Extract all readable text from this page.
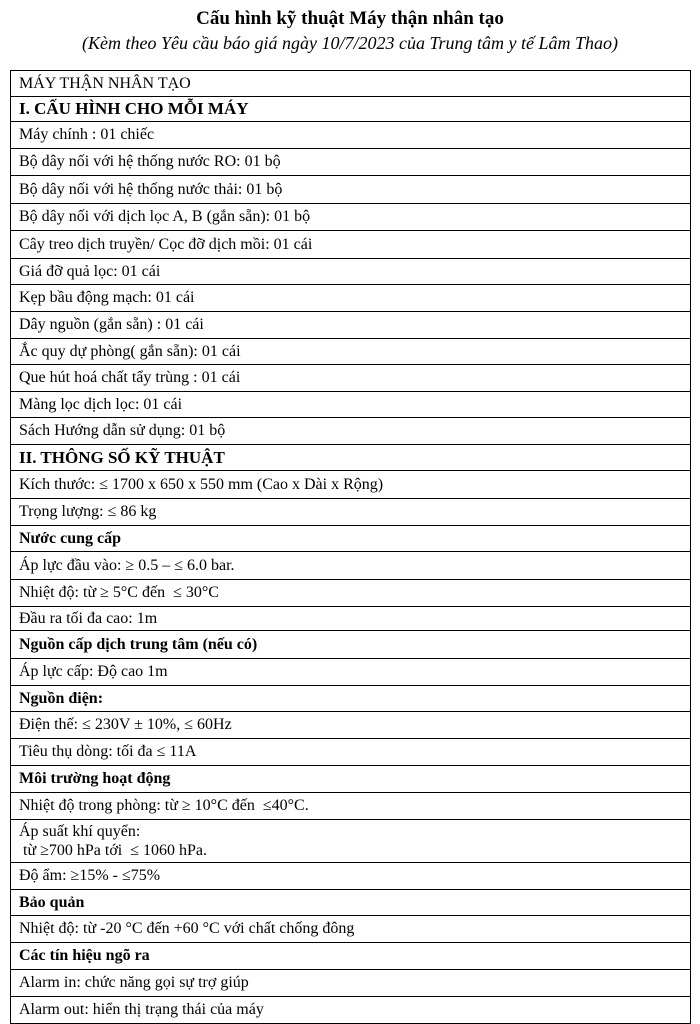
Cấu hình kỹ thuật Máy thận nhân tạo
(Kèm theo Yêu cầu báo giá ngày 10/7/2023 của Trung tâm y tế Lâm Thao)
MÁY THẬN NHÂN TẠO
I. CẤU HÌNH CHO MỖI MÁY
Máy chính : 01 chiếc
Bộ dây nối với hệ thống nước RO: 01 bộ
Bộ dây nối với hệ thống nước thải: 01 bộ
Bộ dây nối với dịch lọc A, B (gắn sẵn): 01 bộ
Cây treo dịch truyền/ Cọc đỡ dịch mồi: 01 cái
Giá đỡ quả lọc: 01 cái
Kẹp bầu động mạch: 01 cái
Dây nguồn (gắn sẵn) : 01 cái
Ắc quy dự phòng( gắn sẵn): 01 cái
Que hút hoá chất tẩy trùng : 01 cái
Màng lọc dịch lọc: 01 cái
Sách Hướng dẫn sử dụng: 01 bộ
II. THÔNG SỐ KỸ THUẬT
Kích thước: ≤ 1700 x 650 x 550 mm (Cao x Dài x Rộng)
Trọng lượng: ≤ 86 kg
Nước cung cấp
Áp lực đầu vào: ≥ 0.5 – ≤ 6.0 bar.
Nhiệt độ: từ ≥ 5°C đến  ≤ 30°C
Đầu ra tối đa cao: 1m
Nguồn cấp dịch trung tâm (nếu có)
Áp lực cấp: Độ cao 1m
Nguồn điện:
Điện thế: ≤ 230V ± 10%, ≤ 60Hz
Tiêu thụ dòng: tối đa ≤ 11A
Môi trường hoạt động
Nhiệt độ trong phòng: từ ≥ 10°C đến  ≤40°C.
Áp suất khí quyển:
từ ≥700 hPa tới  ≤ 1060 hPa.
Độ ẩm: ≥15% - ≤75%
Bảo quản
Nhiệt độ: từ -20 °C đến +60 °C với chất chống đông
Các tín hiệu ngõ ra
Alarm in: chức năng gọi sự trợ giúp
Alarm out: hiển thị trạng thái của máy
